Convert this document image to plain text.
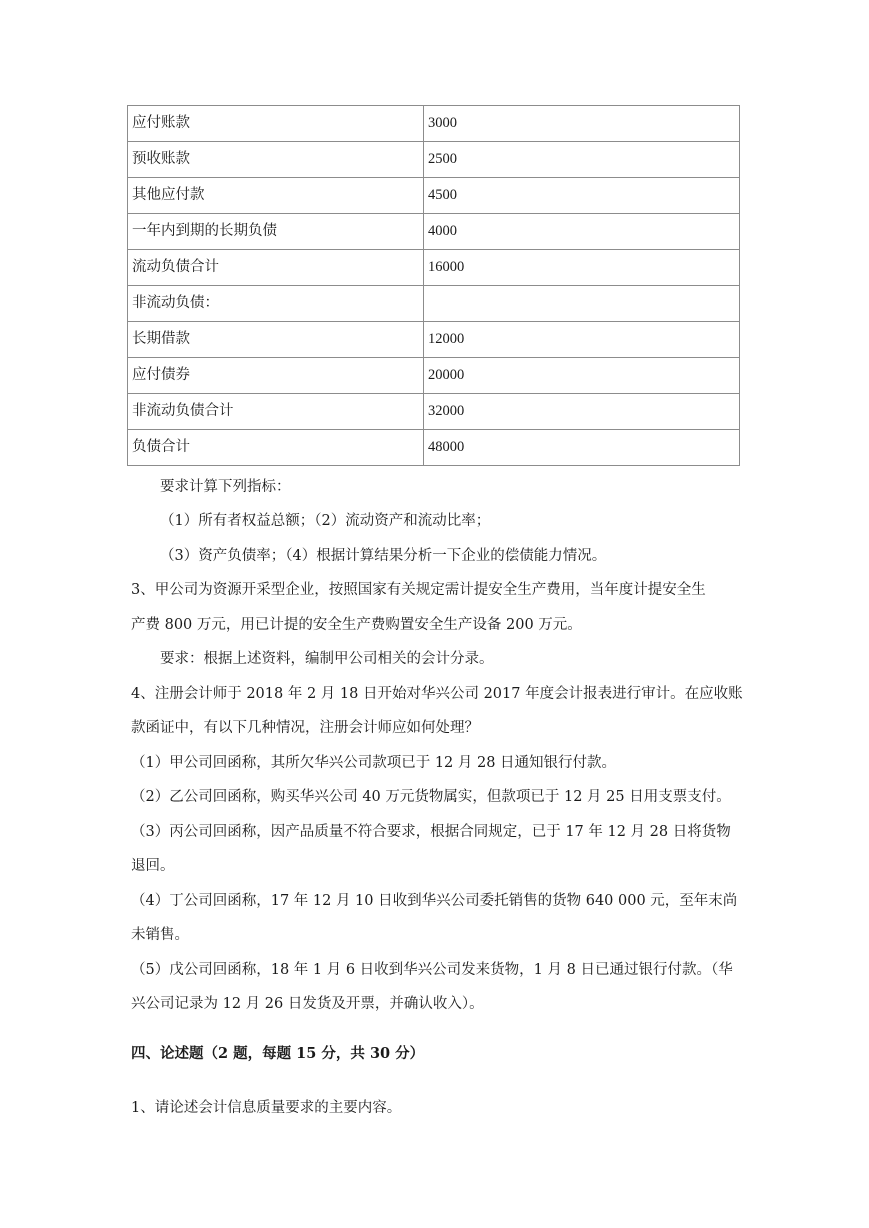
应付账款	3000
预收账款	2500
其他应付款	4500
一年内到期的长期负债	4000
流动负债合计	16000
非流动负债：	
长期借款	12000
应付债券	20000
非流动负债合计	32000
负债合计	48000
要求计算下列指标：
（1）所有者权益总额；（2）流动资产和流动比率；
（3）资产负债率；（4）根据计算结果分析一下企业的偿债能力情况。
3、甲公司为资源开采型企业，按照国家有关规定需计提安全生产费用，当年度计提安全生
产费 800 万元，用已计提的安全生产费购置安全生产设备 200 万元。
要求：根据上述资料，编制甲公司相关的会计分录。
4、注册会计师于 2018 年 2 月 18 日开始对华兴公司 2017 年度会计报表进行审计。在应收账
款函证中，有以下几种情况，注册会计师应如何处理？
（1）甲公司回函称，其所欠华兴公司款项已于 12 月 28 日通知银行付款。
（2）乙公司回函称，购买华兴公司 40 万元货物属实，但款项已于 12 月 25 日用支票支付。
（3）丙公司回函称，因产品质量不符合要求，根据合同规定，已于 17 年 12 月 28 日将货物
退回。
（4）丁公司回函称，17 年 12 月 10 日收到华兴公司委托销售的货物 640 000 元，至年末尚
未销售。
（5）戊公司回函称，18 年 1 月 6 日收到华兴公司发来货物，1 月 8 日已通过银行付款。（华
兴公司记录为 12 月 26 日发货及开票，并确认收入）。
四、论述题（2 题，每题 15 分，共 30 分）
1、请论述会计信息质量要求的主要内容。
